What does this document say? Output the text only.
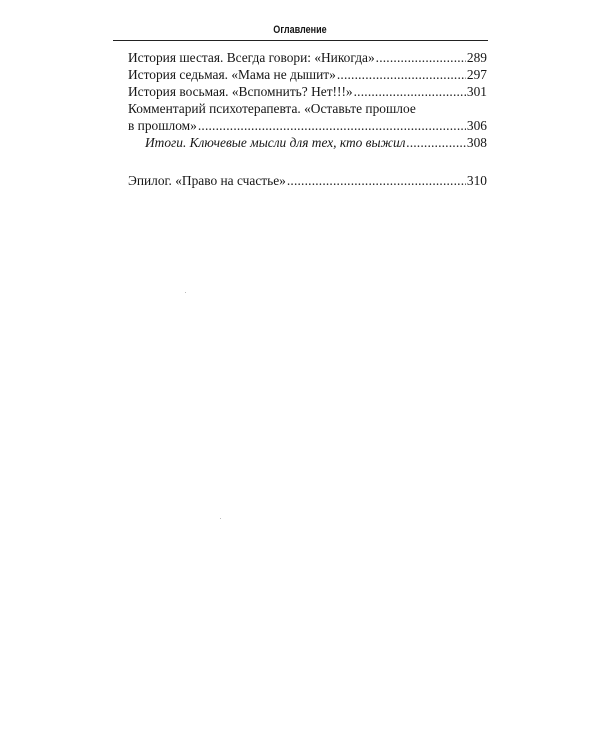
Оглавление
История шестая. Всегда говори: «Никогда» .....	289
История седьмая. «Мама не дышит» .....	297
История восьмая. «Вспомнить? Нет!!!» .....	301
Комментарий психотерапевта. «Оставьте прошлое
в прошлом» .....	306
Итоги. Ключевые мысли для тех, кто выжил .....	308
Эпилог. «Право на счастье» .....	310
